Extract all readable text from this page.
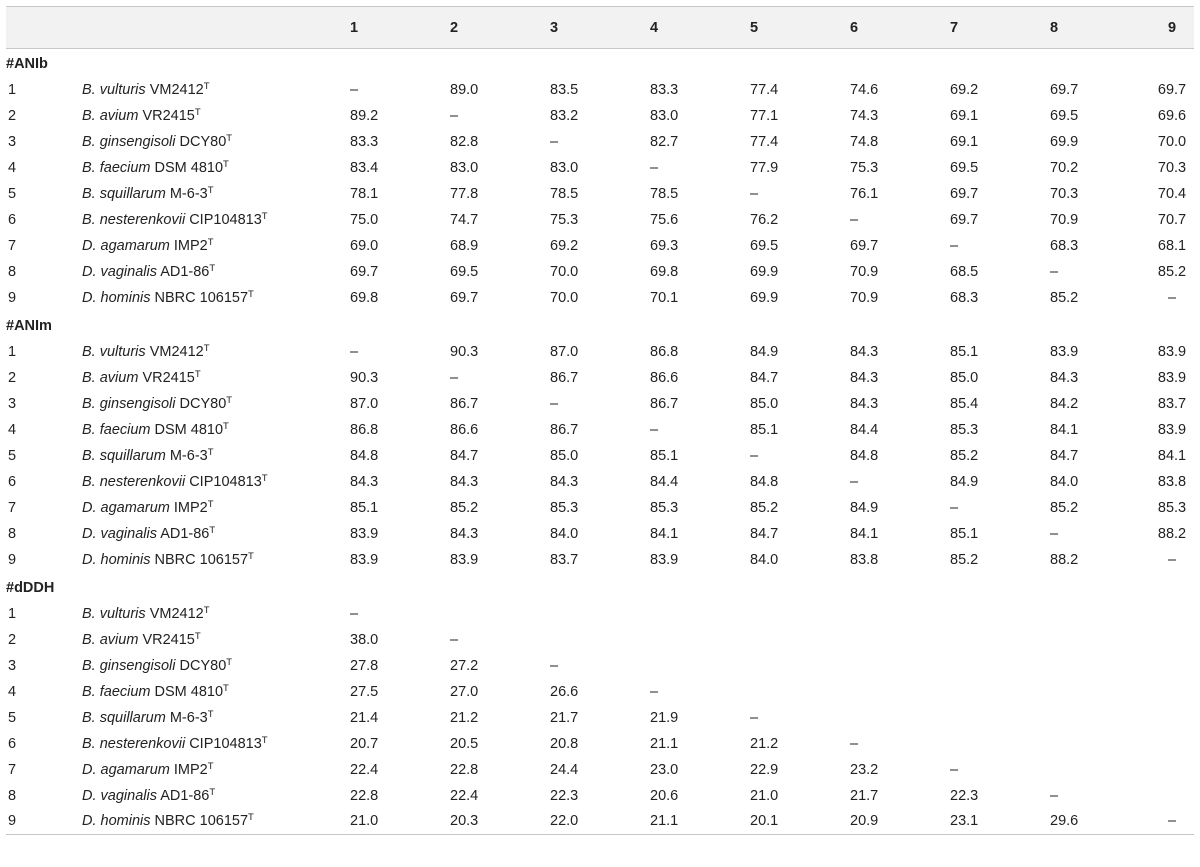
		1	2	3	4	5	6	7	8	9
#ANIb										
1	B. vulturis $VM2412^T$	–	89.0	83.5	83.3	77.4	74.6	69.2	69.7	69.7
2	B. avium $VR2415^T$	89.2	–	83.2	83.0	77.1	74.3	69.1	69.5	69.6
3	B. ginsengisoli $DCY80^T$	83.3	82.8	–	82.7	77.4	74.8	69.1	69.9	70.0
4	B. faecium DSM $4810^T$	83.4	83.0	83.0	–	77.9	75.3	69.5	70.2	70.3
5	B. squillarum $M-6-3^T$	78.1	77.8	78.5	78.5	–	76.1	69.7	70.3	70.4
6	B. nesterenkovii $CIP104813^T$	75.0	74.7	75.3	75.6	76.2	–	69.7	70.9	70.7
7	D. agamarum $IMP2^T$	69.0	68.9	69.2	69.3	69.5	69.7	–	68.3	68.1
8	D. vaginalis $AD1-86^T$	69.7	69.5	70.0	69.8	69.9	70.9	68.5	–	85.2
9	D. hominis NBRC $106157^T$	69.8	69.7	70.0	70.1	69.9	70.9	68.3	85.2	–
#ANIm										
1	B. vulturis $VM2412^T$	–	90.3	87.0	86.8	84.9	84.3	85.1	83.9	83.9
2	B. avium $VR2415^T$	90.3	–	86.7	86.6	84.7	84.3	85.0	84.3	83.9
3	B. ginsengisoli $DCY80^T$	87.0	86.7	–	86.7	85.0	84.3	85.4	84.2	83.7
4	B. faecium DSM $4810^T$	86.8	86.6	86.7	–	85.1	84.4	85.3	84.1	83.9
5	B. squillarum $M-6-3^T$	84.8	84.7	85.0	85.1	–	84.8	85.2	84.7	84.1
6	B. nesterenkovii $CIP104813^T$	84.3	84.3	84.3	84.4	84.8	–	84.9	84.0	83.8
7	D. agamarum $IMP2^T$	85.1	85.2	85.3	85.3	85.2	84.9	–	85.2	85.3
8	D. vaginalis $AD1-86^T$	83.9	84.3	84.0	84.1	84.7	84.1	85.1	–	88.2
9	D. hominis NBRC $106157^T$	83.9	83.9	83.7	83.9	84.0	83.8	85.2	88.2	–
#dDDH										
1	B. vulturis $VM2412^T$	–								
2	B. avium $VR2415^T$	38.0	–							
3	B. ginsengisoli $DCY80^T$	27.8	27.2	–						
4	B. faecium DSM $4810^T$	27.5	27.0	26.6	–					
5	B. squillarum $M-6-3^T$	21.4	21.2	21.7	21.9	–				
6	B. nesterenkovii $CIP104813^T$	20.7	20.5	20.8	21.1	21.2	–			
7	D. agamarum $IMP2^T$	22.4	22.8	24.4	23.0	22.9	23.2	–		
8	D. vaginalis $AD1-86^T$	22.8	22.4	22.3	20.6	21.0	21.7	22.3	–	
9	D. hominis NBRC $106157^T$	21.0	20.3	22.0	21.1	20.1	20.9	23.1	29.6	–
